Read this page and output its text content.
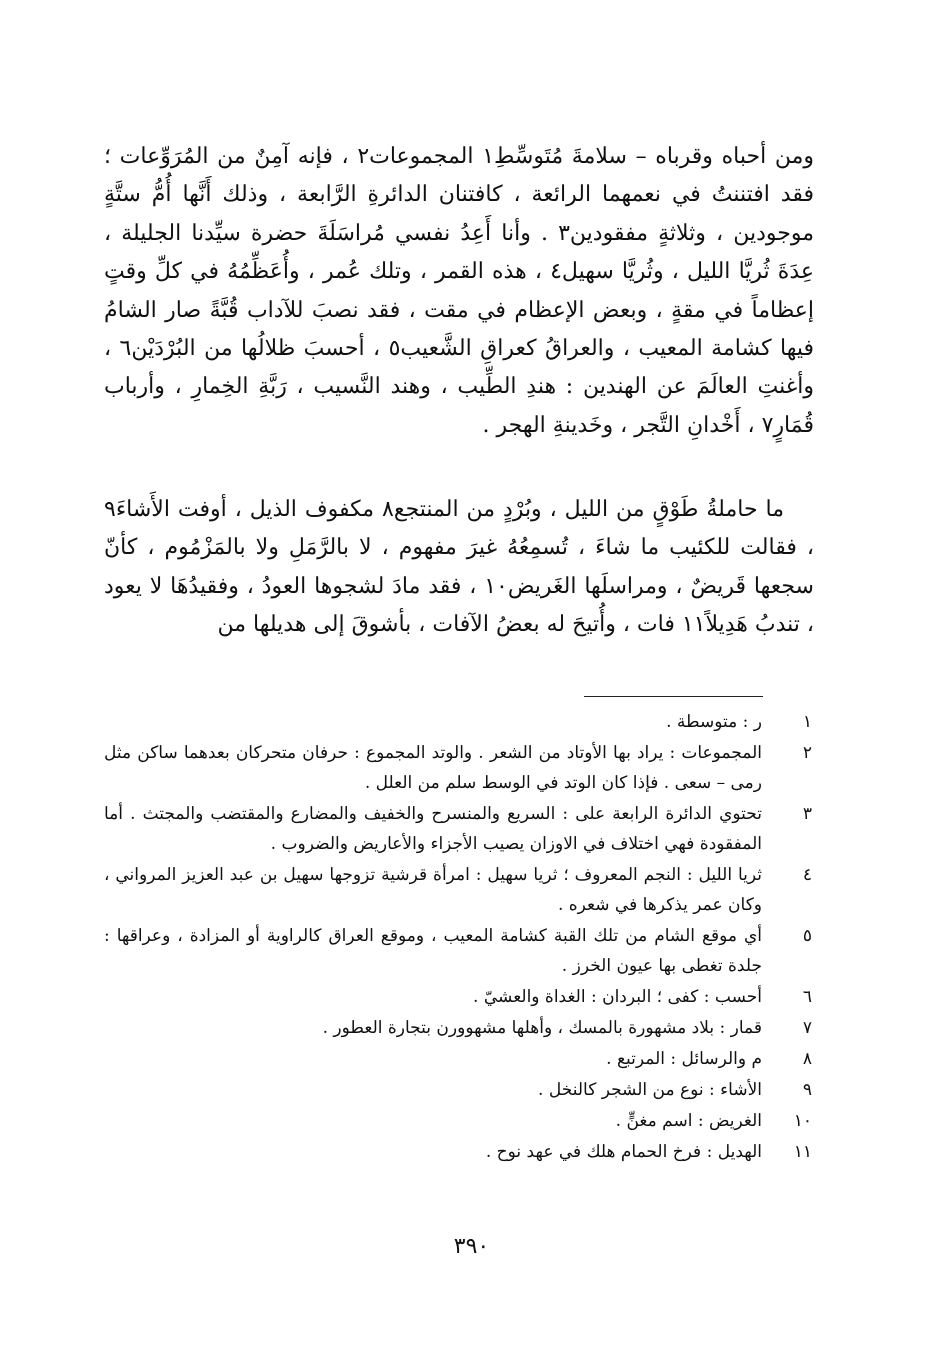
ومن أحباه وقرباه – سلامةَ مُتَوسِّطِ١ المجموعات٢ ، فإنه آمِنٌ من المُرَوِّعات ؛ فقد افتننتُ في نعمهما الرائعة ، كافتنان الدائرةِ الرَّابعة ، وذلك أَنَّها أُمُّ ستَّةٍ موجودين ، وثلاثةٍ مفقودين٣ . وأنا أَعِدُ نفسي مُراسَلَةَ حضرة سيِّدنا الجليلة ، عِدَةَ ثُريَّا الليل ، وثُريَّا سهيل٤ ، هذه القمر ، وتلك عُمر ، وأُعَظِّمُهُ في كلِّ وقتٍ إعظاماً في مقةٍ ، وبعض الإعظام في مقت ، فقد نصبَ للآداب قُبَّةً صار الشامُ فيها كشامة المعيب ، والعراقُ كعراقِ الشَّعيب٥ ، أحسبَ ظلالُها من البُرْدَيْن٦ ، وأغنتِ العالَمَ عن الهندين : هندِ الطِّيب ، وهند النَّسيب ، رَبَّةِ الخِمارِ ، وأرباب قُمَارٍ٧ ، أَخْدانِ التَّجر ، وخَدينةِ الهجر .

ما حاملةُ طَوْقٍ من الليل ، وبُرْدٍ من المنتجع٨ مكفوف الذيل ، أوفت الأَشاءَ٩ ، فقالت للكئيب ما شاءَ ، تُسمِعُهُ غيرَ مفهوم ، لا بالرَّمَلِ ولا بالمَزْمُوم ، كأنّ سجعها قَريضٌ ، ومراسلَها الغَريض١٠ ، فقد مادَ لشجوها العودُ ، وفقيدُهَا لا يعود ، تندبُ هَدِيلاً١١ فات ، وأُتيحَ له بعضُ الآفات ، بأشوقَ إلى هديلها من

١
ر : متوسطة .
٢
المجموعات : يراد بها الأوتاد من الشعر . والوتد المجموع : حرفان متحركان بعدهما ساكن مثل رمى – سعى . فإذا كان الوتد في الوسط سلم من العلل .
٣
تحتوي الدائرة الرابعة على : السريع والمنسرح والخفيف والمضارع والمقتضب والمجتث . أما المفقودة فهي اختلاف في الاوزان يصيب الأجزاء والأعاريض والضروب .
٤
ثريا الليل : النجم المعروف ؛ ثريا سهيل : امرأة قرشية تزوجها سهيل بن عبد العزيز المرواني ، وكان عمر يذكرها في شعره .
٥
أي موقع الشام من تلك القبة كشامة المعيب ، وموقع العراق كالراوية أو المزادة ، وعراقها : جلدة تغطى بها عيون الخرز .
٦
أحسب : كفى ؛ البردان : الغداة والعشيّ .
٧
قمار : بلاد مشهورة بالمسك ، وأهلها مشهوورن بتجارة العطور .
٨
م والرسائل : المرتبع .
٩
الأشاء : نوع من الشجر كالنخل .
١٠
الغريض : اسم مغنٍّ .
١١
الهديل : فرخ الحمام هلك في عهد نوح .
٣٩٠
